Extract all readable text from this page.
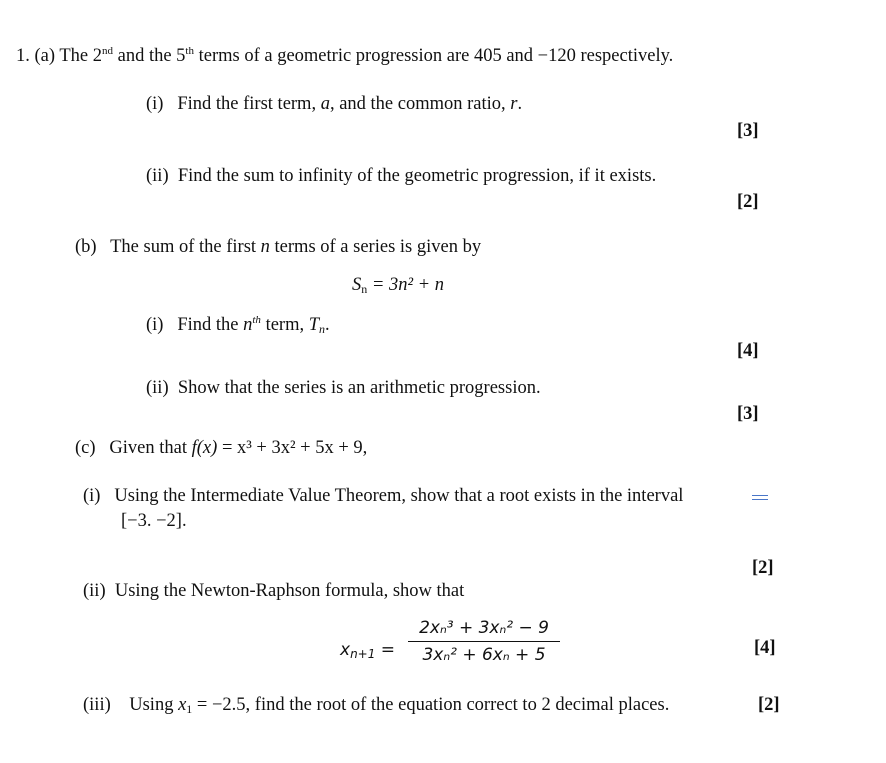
1. (a) The 2nd and the 5th terms of a geometric progression are 405 and −120 respectively.
(i) Find the first term, a, and the common ratio, r.
[3]
(ii) Find the sum to infinity of the geometric progression, if it exists.
[2]
(b) The sum of the first n terms of a series is given by
$S_n = 3n^2 + n$
(i) Find the $n^{th}$ term, $T_n$.
[4]
(ii) Show that the series is an arithmetic progression.
[3]
(c) Given that f(x) = x³ + 3x² + 5x + 9,
(i) Using the Intermediate Value Theorem, show that a root exists in the interval
[−3. −2].
[2]
(ii) Using the Newton-Raphson formula, show that
$x_{n+1}$ =
2xₙ³ + 3xₙ² − 9
3xₙ² + 6xₙ + 5	[4]
(iii) Using $x_1 = -2.5$, find the root of the equation correct to 2 decimal places.	[2]
